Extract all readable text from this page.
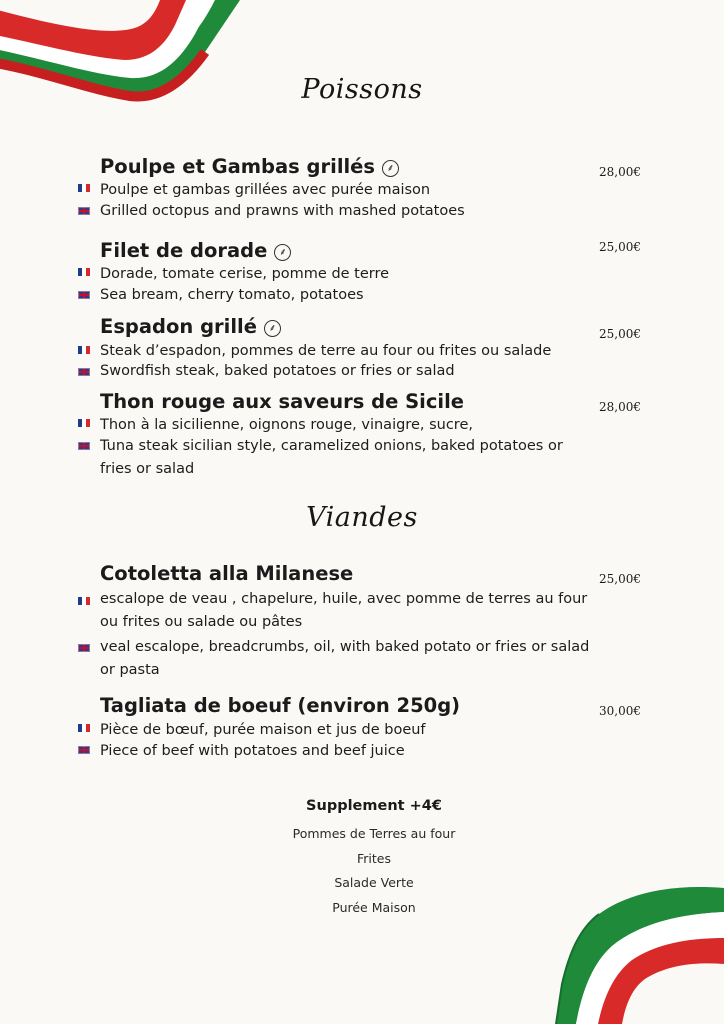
Poissons
Poulpe et Gambas grillés ⸙	28,00€
Poulpe et gambas grillées avec purée maison
Grilled octopus and prawns with mashed potatoes
Filet de dorade ⸙	25,00€
Dorade, tomate cerise, pomme de terre
Sea bream, cherry tomato, potatoes
Espadon grillé ⸙	25,00€
Steak d’espadon, pommes de terre au four ou frites ou salade
Swordfish steak, baked potatoes or fries or salad
Thon rouge aux saveurs de Sicile	28,00€
Thon à la sicilienne, oignons rouge, vinaigre, sucre,
Tuna steak sicilian style, caramelized onions, baked potatoes or fries or salad
Viandes
Cotoletta alla Milanese	25,00€
escalope de veau , chapelure, huile, avec pomme de terres au four ou frites ou salade ou pâtes
veal escalope, breadcrumbs, oil, with baked potato or fries or salad or pasta
Tagliata de boeuf (environ 250g)	30,00€
Pièce de bœuf, purée maison et jus de boeuf
Piece of beef with potatoes and beef juice
Supplement +4€
Pommes de Terres au four
Frites
Salade Verte
Purée Maison
